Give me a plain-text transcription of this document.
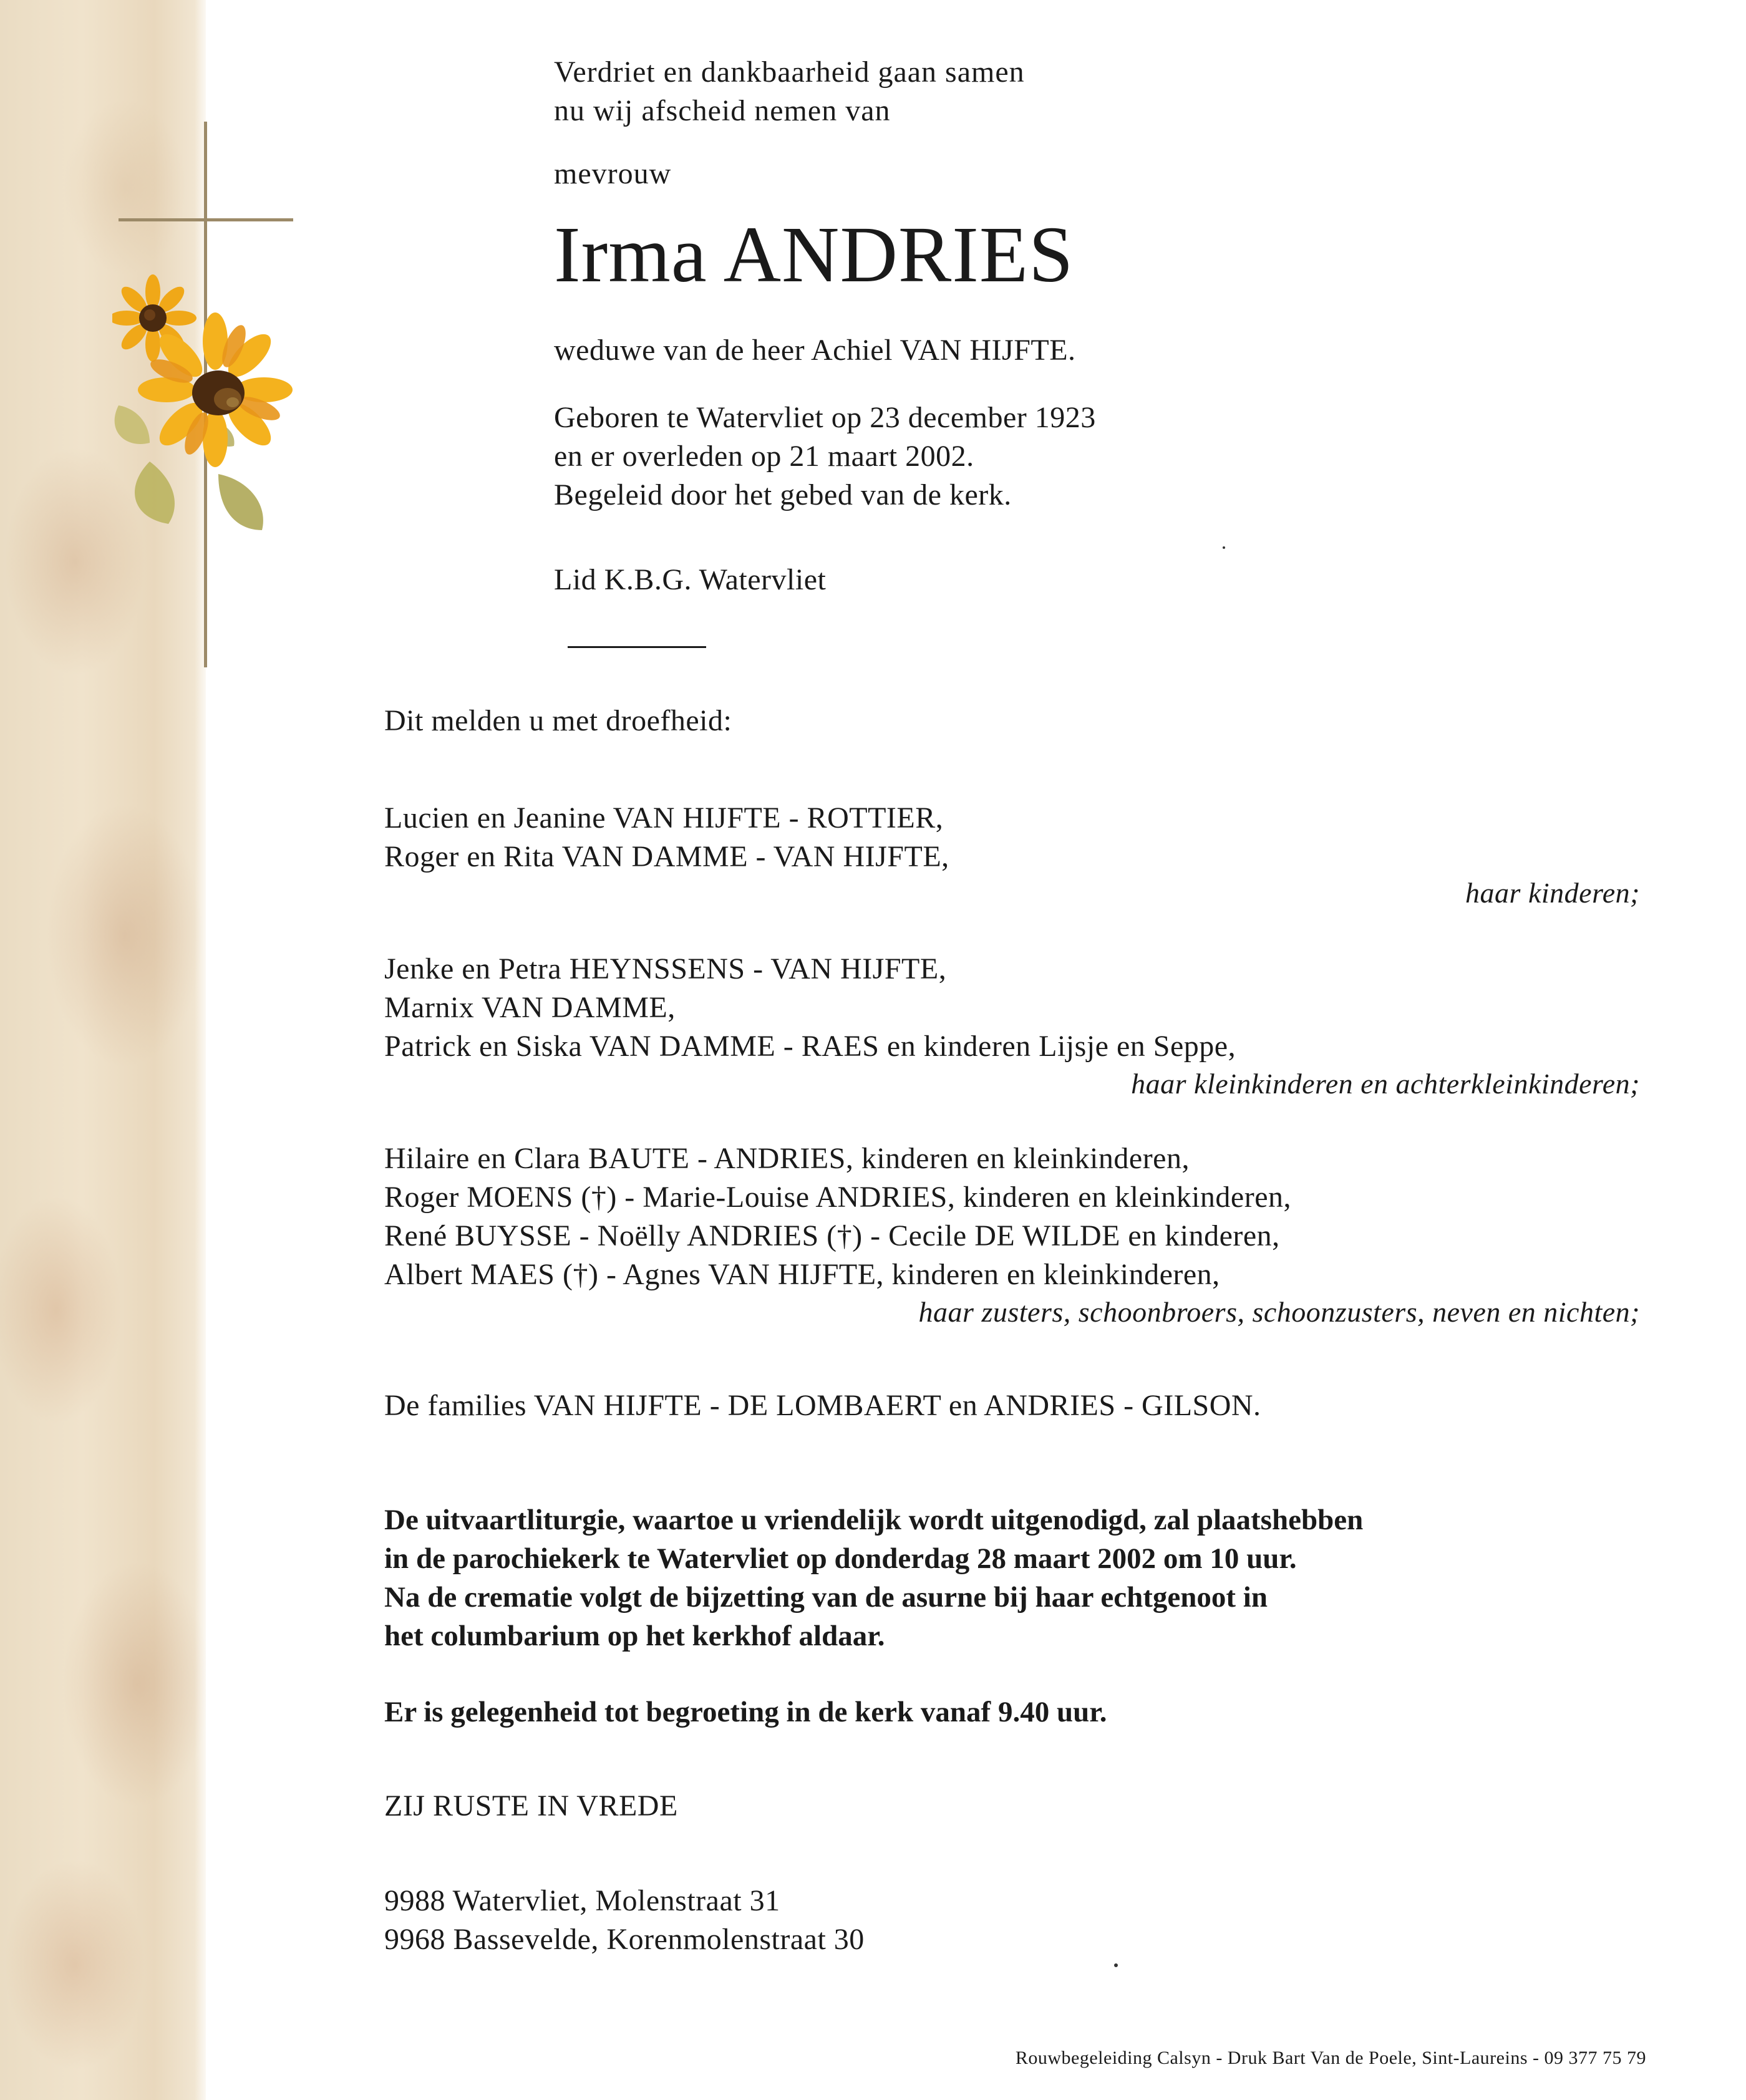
Verdriet en dankbaarheid gaan samen

nu wij afscheid nemen van

mevrouw

Irma ANDRIES

weduwe van de heer Achiel VAN HIJFTE.

Geboren te Watervliet op 23 december 1923

en er overleden op 21 maart 2002.

Begeleid door het gebed van de kerk.

Lid K.B.G. Watervliet

Dit melden u met droefheid:

Lucien en Jeanine VAN HIJFTE - ROTTIER,

Roger en Rita VAN DAMME - VAN HIJFTE,

haar kinderen;

Jenke en Petra HEYNSSENS - VAN HIJFTE,

Marnix VAN DAMME,

Patrick en Siska VAN DAMME - RAES en kinderen Lijsje en Seppe,

haar kleinkinderen en achterkleinkinderen;

Hilaire en Clara BAUTE - ANDRIES, kinderen en kleinkinderen,

Roger MOENS (†) - Marie-Louise ANDRIES, kinderen en kleinkinderen,

René BUYSSE - Noëlly ANDRIES (†) - Cecile DE WILDE en kinderen,

Albert MAES (†) - Agnes VAN HIJFTE, kinderen en kleinkinderen,

haar zusters, schoonbroers, schoonzusters, neven en nichten;

De families VAN HIJFTE - DE LOMBAERT en ANDRIES - GILSON.

De uitvaartliturgie, waartoe u vriendelijk wordt uitgenodigd, zal plaatshebben

in de parochiekerk te Watervliet op donderdag 28 maart 2002 om 10 uur.

Na de crematie volgt de bijzetting van de asurne bij haar echtgenoot in

het columbarium op het kerkhof aldaar.

Er is gelegenheid tot begroeting in de kerk vanaf 9.40 uur.

ZIJ RUSTE IN VREDE

9988 Watervliet, Molenstraat 31

9968 Bassevelde, Korenmolenstraat 30

Rouwbegeleiding Calsyn - Druk Bart Van de Poele, Sint-Laureins - 09 377 75 79
